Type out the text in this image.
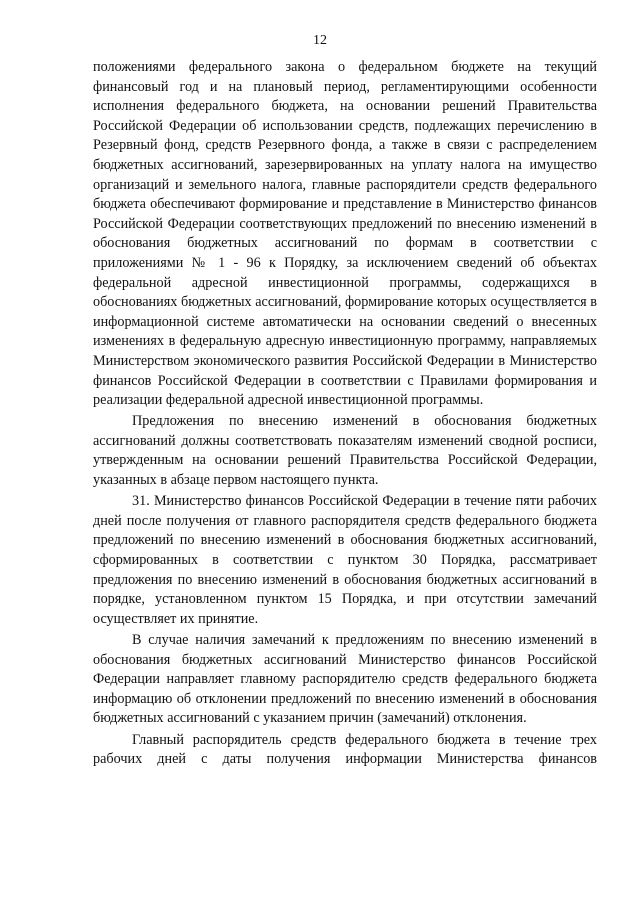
12

положениями федерального закона о федеральном бюджете на текущий финансовый год и на плановый период, регламентирующими особенности исполнения федерального бюджета, на основании решений Правительства Российской Федерации об использовании средств, подлежащих перечислению в Резервный фонд, средств Резервного фонда, а также в связи с распределением бюджетных ассигнований, зарезервированных на уплату налога на имущество организаций и земельного налога, главные распорядители средств федерального бюджета обеспечивают формирование и представление в Министерство финансов Российской Федерации соответствующих предложений по внесению изменений в обоснования бюджетных ассигнований по формам в соответствии с приложениями № 1 - 96 к Порядку, за исключением сведений об объектах федеральной адресной инвестиционной программы, содержащихся в обоснованиях бюджетных ассигнований, формирование которых осуществляется в информационной системе автоматически на основании сведений о внесенных изменениях в федеральную адресную инвестиционную программу, направляемых Министерством экономического развития Российской Федерации в Министерство финансов Российской Федерации в соответствии с Правилами формирования и реализации федеральной адресной инвестиционной программы.

Предложения по внесению изменений в обоснования бюджетных ассигнований должны соответствовать показателям изменений сводной росписи, утвержденным на основании решений Правительства Российской Федерации, указанных в абзаце первом настоящего пункта.

31. Министерство финансов Российской Федерации в течение пяти рабочих дней после получения от главного распорядителя средств федерального бюджета предложений по внесению изменений в обоснования бюджетных ассигнований, сформированных в соответствии с пунктом 30 Порядка, рассматривает предложения по внесению изменений в обоснования бюджетных ассигнований в порядке, установленном пунктом 15 Порядка, и при отсутствии замечаний осуществляет их принятие.

В случае наличия замечаний к предложениям по внесению изменений в обоснования бюджетных ассигнований Министерство финансов Российской Федерации направляет главному распорядителю средств федерального бюджета информацию об отклонении предложений по внесению изменений в обоснования бюджетных ассигнований с указанием причин (замечаний) отклонения.

Главный распорядитель средств федерального бюджета в течение трех рабочих дней с даты получения информации Министерства финансов
